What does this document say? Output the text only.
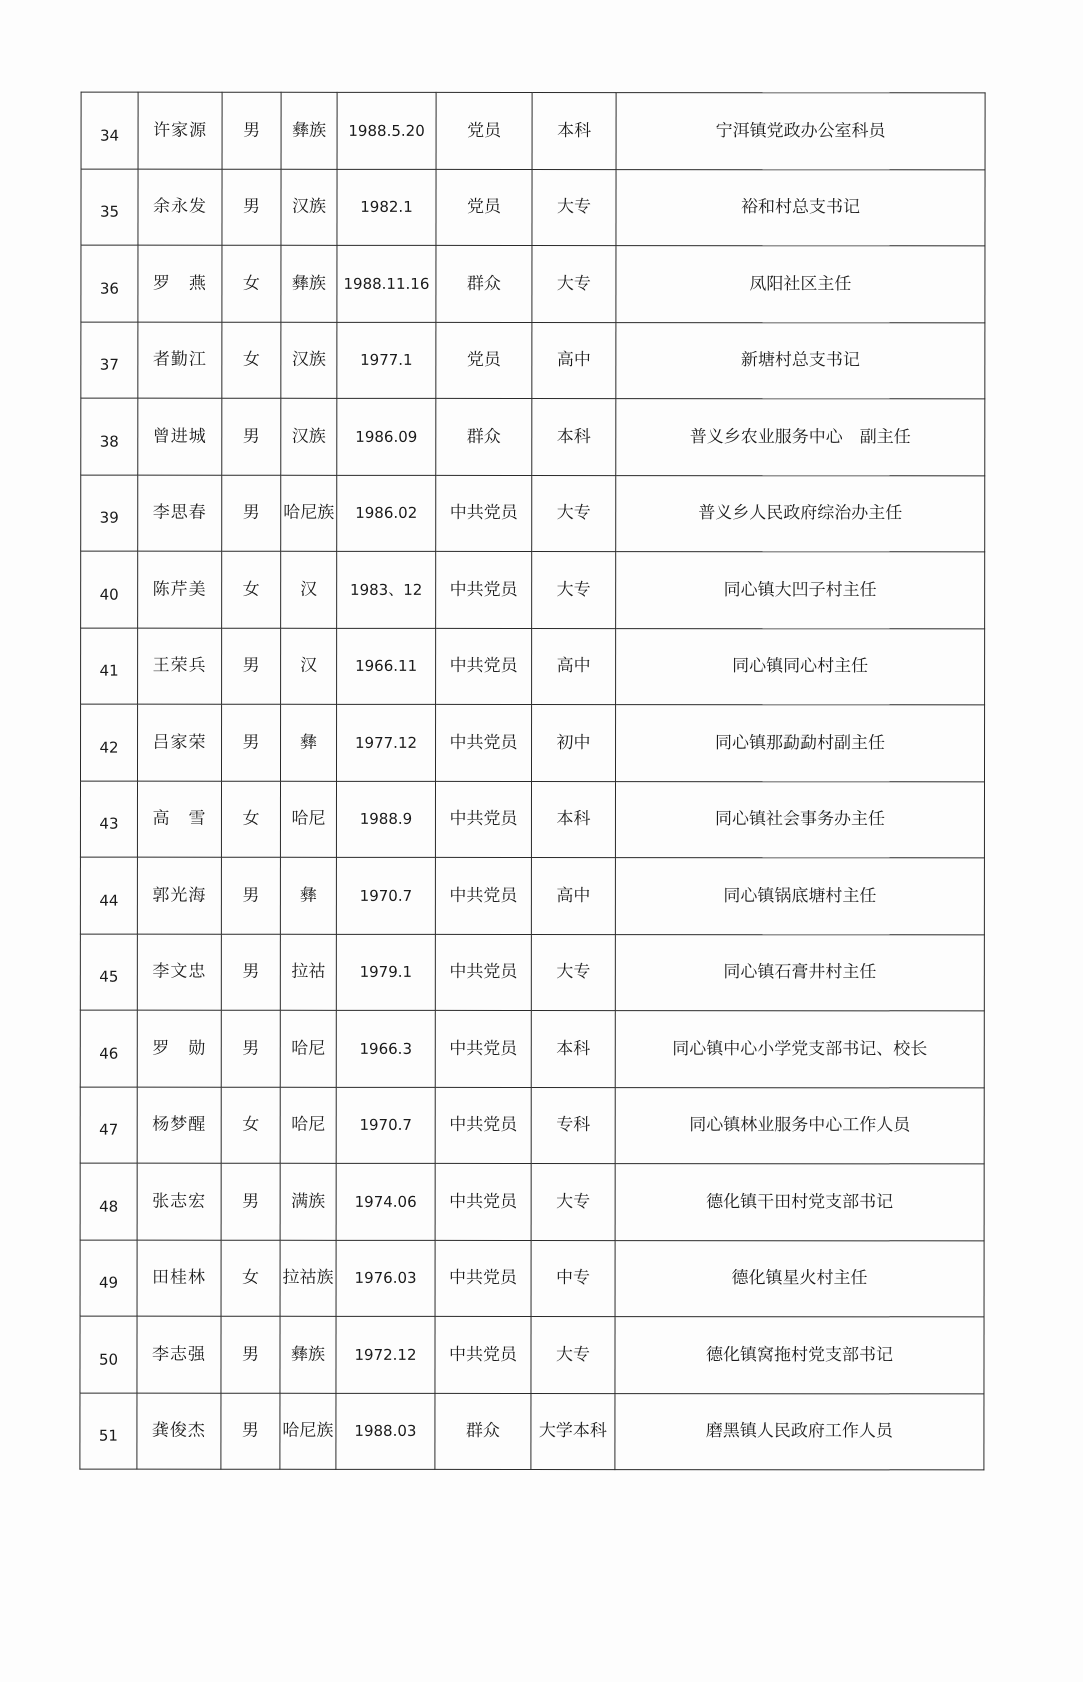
34	许家源	男	彝族	1988.5.20	党员	本科	宁洱镇党政办公室科员
35	余永发	男	汉族	1982.1	党员	大专	裕和村总支书记
36	罗　燕	女	彝族	1988.11.16	群众	大专	凤阳社区主任
37	者勤江	女	汉族	1977.1	党员	高中	新塘村总支书记
38	曾进城	男	汉族	1986.09	群众	本科	普义乡农业服务中心　副主任
39	李思春	男	哈尼族	1986.02	中共党员	大专	普义乡人民政府综治办主任
40	陈芹美	女	汉	1983、12	中共党员	大专	同心镇大凹子村主任
41	王荣兵	男	汉	1966.11	中共党员	高中	同心镇同心村主任
42	吕家荣	男	彝	1977.12	中共党员	初中	同心镇那勐勐村副主任
43	高　雪	女	哈尼	1988.9	中共党员	本科	同心镇社会事务办主任
44	郭光海	男	彝	1970.7	中共党员	高中	同心镇锅底塘村主任
45	李文忠	男	拉祜	1979.1	中共党员	大专	同心镇石膏井村主任
46	罗　勋	男	哈尼	1966.3	中共党员	本科	同心镇中心小学党支部书记、校长
47	杨梦醒	女	哈尼	1970.7	中共党员	专科	同心镇林业服务中心工作人员
48	张志宏	男	满族	1974.06	中共党员	大专	德化镇干田村党支部书记
49	田桂林	女	拉祜族	1976.03	中共党员	中专	德化镇星火村主任
50	李志强	男	彝族	1972.12	中共党员	大专	德化镇窝拖村党支部书记
51	龚俊杰	男	哈尼族	1988.03	群众	大学本科	磨黑镇人民政府工作人员
